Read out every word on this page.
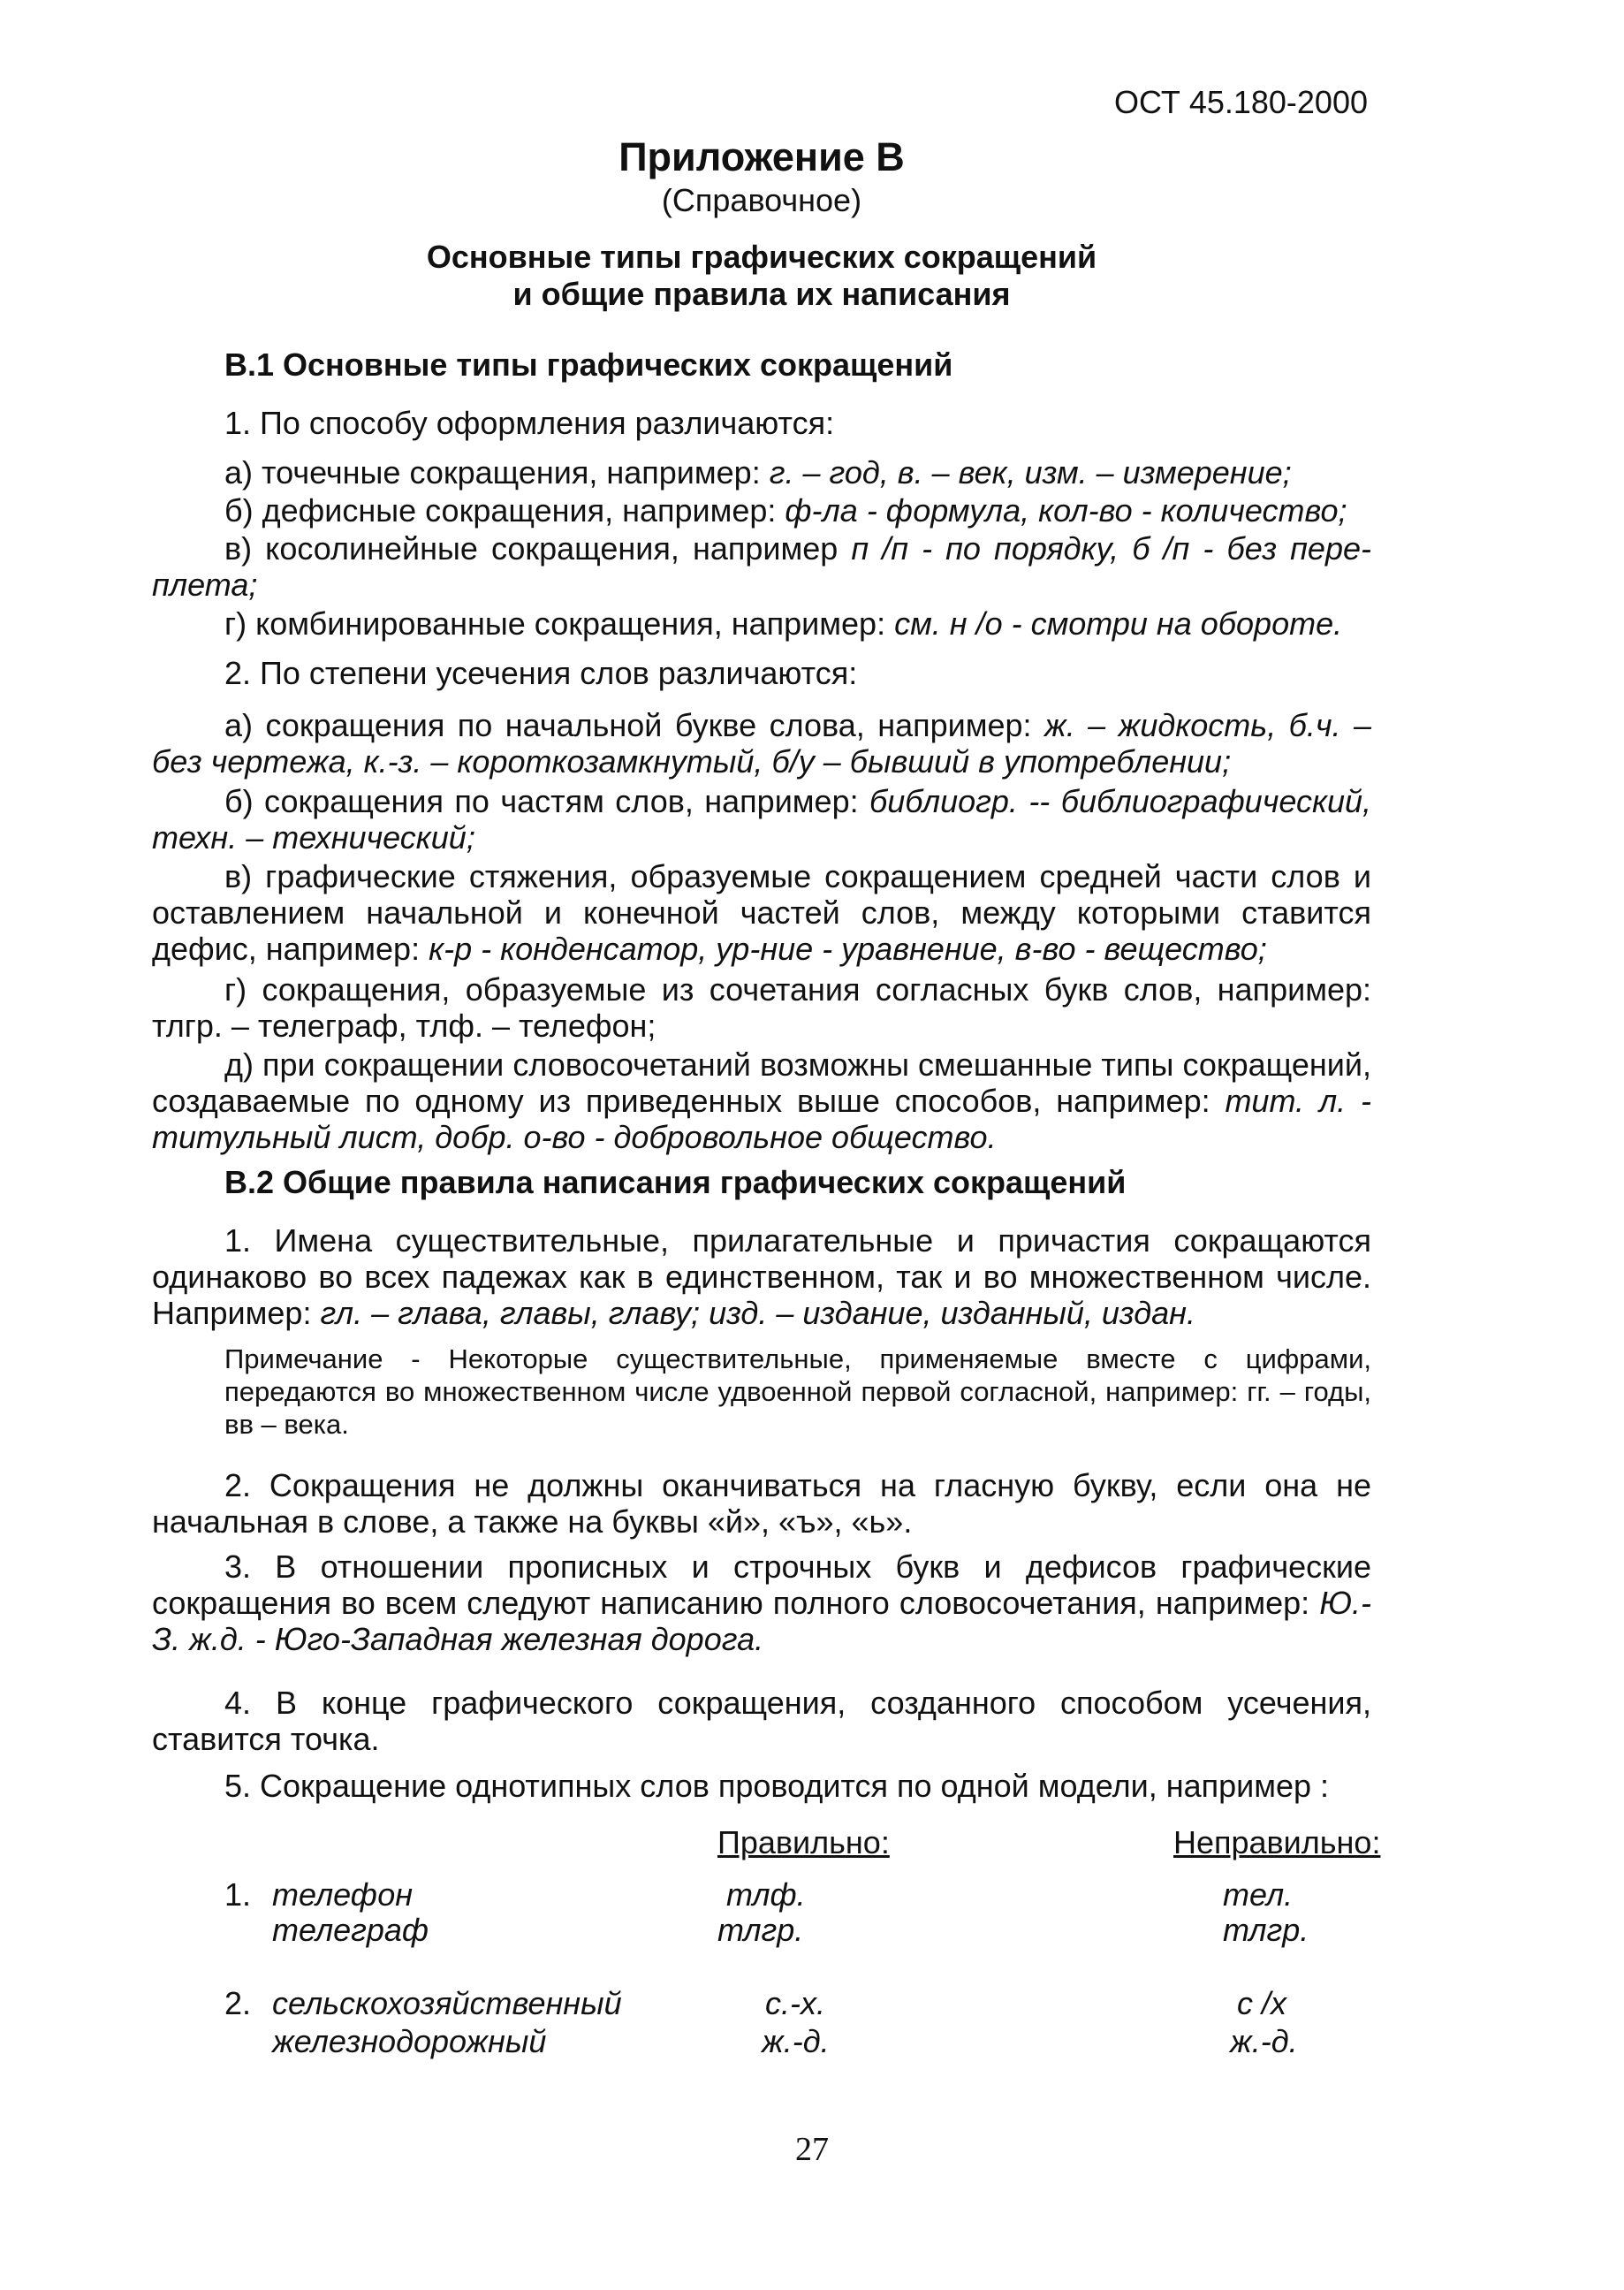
ОСТ 45.180-2000
Приложение В
(Справочное)
Основные типы графических сокращений
и общие правила их написания
В.1 Основные типы графических сокращений
1. По способу оформления различаются:
а) точечные сокращения, например: г. – год, в. – век, изм. – измерение;
б) дефисные сокращения, например: ф-ла - формула, кол-во - количество;
в) косолинейные сокращения, например п /п - по порядку, б /п - без пере-плета;
г) комбинированные сокращения, например: см. н /о - смотри на обороте.
2. По степени усечения слов различаются:
а) сокращения по начальной букве слова, например: ж. – жидкость, б.ч. – без чертежа, к.-з. – короткозамкнутый, б/у – бывший в употреблении;
б) сокращения по частям слов, например: библиогр. -- библиографический, техн. – технический;
в) графические стяжения, образуемые сокращением средней части слов и оставлением начальной и конечной частей слов, между которыми ставится дефис, например: к-р - конденсатор, ур-ние - уравнение, в-во - вещество;
г) сокращения, образуемые из сочетания согласных букв слов, например: тлгр. – телеграф, тлф. – телефон;
д) при сокращении словосочетаний возможны смешанные типы сокращений, создаваемые по одному из приведенных выше способов, например: тит. л. - титульный лист, добр. о-во - добровольное общество.
В.2 Общие правила написания графических сокращений
1. Имена существительные, прилагательные и причастия сокращаются одинаково во всех падежах как в единственном, так и во множественном числе. Например: гл. – глава, главы, главу; изд. – издание, изданный, издан.
Примечание - Некоторые существительные, применяемые вместе с цифрами, передаются во множественном числе удвоенной первой согласной, например: гг. – годы, вв – века.
2. Сокращения не должны оканчиваться на гласную букву, если она не начальная в слове, а также на буквы «й», «ъ», «ь».
3. В отношении прописных и строчных букв и дефисов графические сокращения во всем следуют написанию полного словосочетания, например: Ю.-З. ж.д. - Юго-Западная железная дорога.
4. В конце графического сокращения, созданного способом усечения, ставится точка.
5. Сокращение однотипных слов проводится по одной модели, например :
Правильно:	Неправильно:
1. телефон
телеграф
тлф.
тлгр.
тел.
тлгр.
2. сельскохозяйственный
железнодорожный
с.-х.
ж.-д.
с /х
ж.-д.
27
